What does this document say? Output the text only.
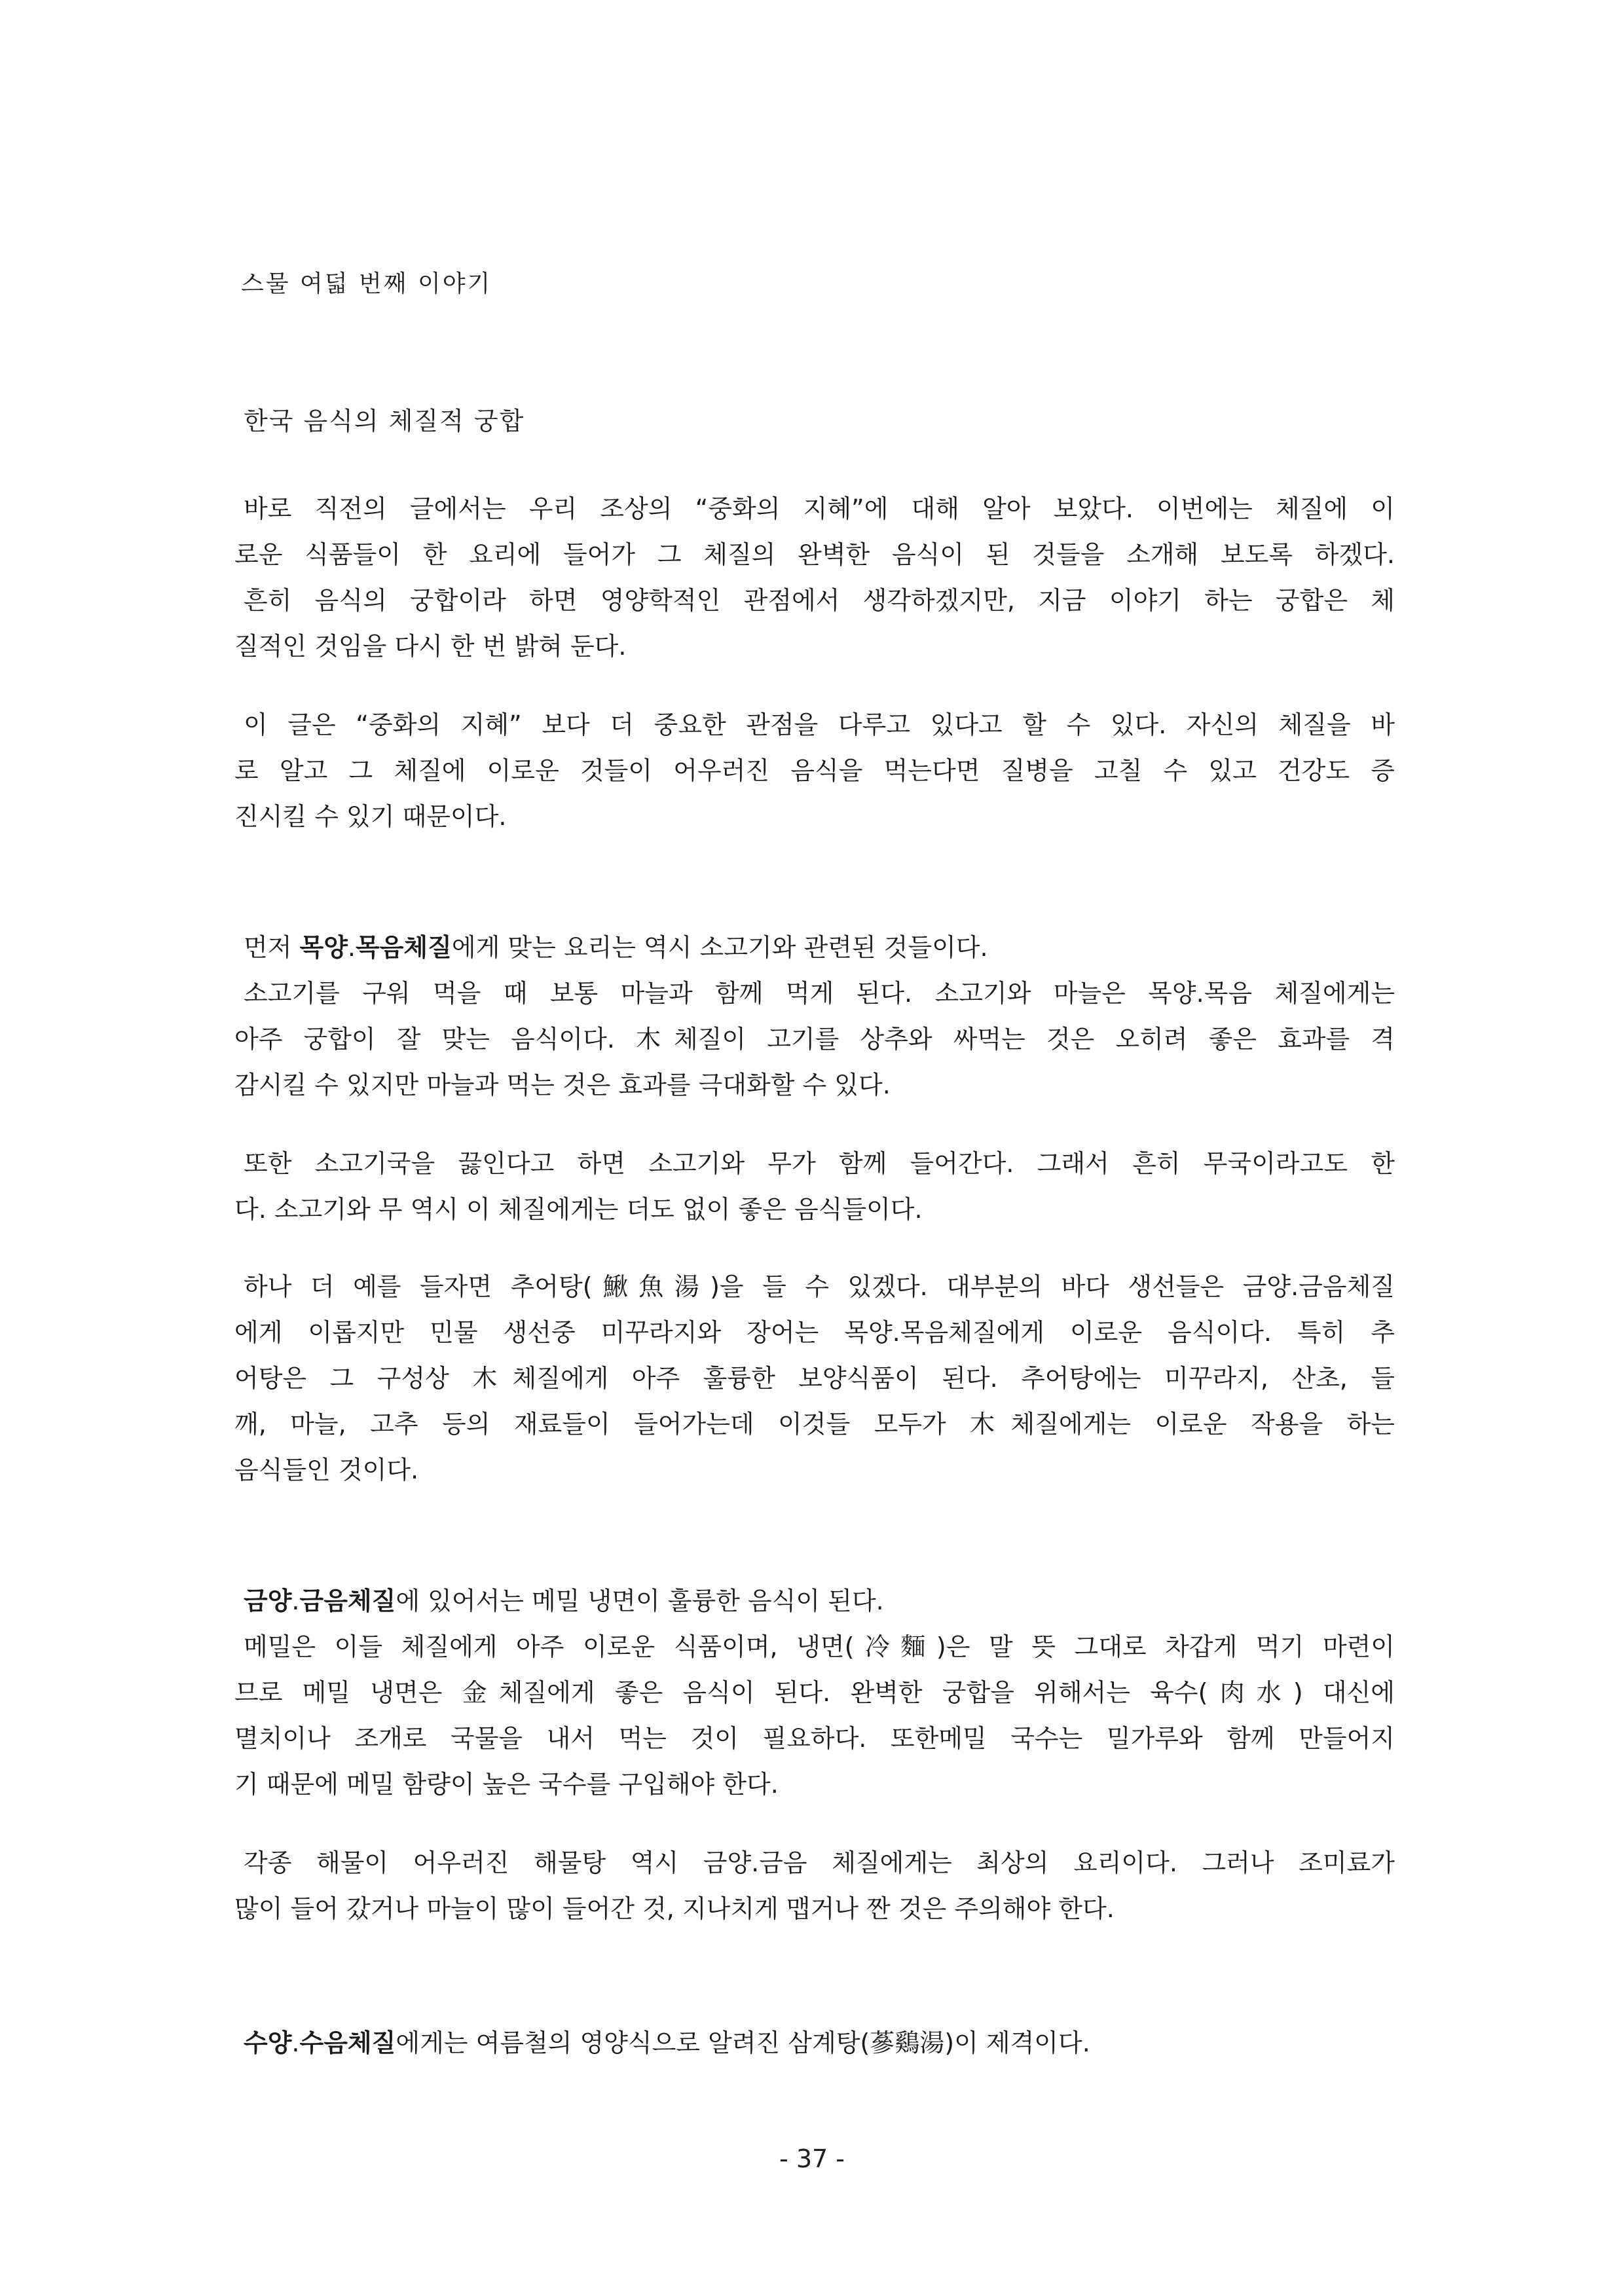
스물 여덟 번째 이야기
한국 음식의 체질적 궁합
바로 직전의 글에서는 우리 조상의 “중화의 지혜”에 대해 알아 보았다. 이번에는 체질에 이
로운 식품들이 한 요리에 들어가 그 체질의 완벽한 음식이 된 것들을 소개해 보도록 하겠다.
흔히 음식의 궁합이라 하면 영양학적인 관점에서 생각하겠지만, 지금 이야기 하는 궁합은 체
질적인 것임을 다시 한 번 밝혀 둔다.
이 글은 “중화의 지혜” 보다 더 중요한 관점을 다루고 있다고 할 수 있다. 자신의 체질을 바
로 알고 그 체질에 이로운 것들이 어우러진 음식을 먹는다면 질병을 고칠 수 있고 건강도 증
진시킬 수 있기 때문이다.
먼저 목양.목음체질에게 맞는 요리는 역시 소고기와 관련된 것들이다.
소고기를 구워 먹을 때 보통 마늘과 함께 먹게 된다. 소고기와 마늘은 목양.목음 체질에게는
아주 궁합이 잘 맞는 음식이다. 木체질이 고기를 상추와 싸먹는 것은 오히려 좋은 효과를 격
감시킬 수 있지만 마늘과 먹는 것은 효과를 극대화할 수 있다.
또한 소고기국을 끓인다고 하면 소고기와 무가 함께 들어간다. 그래서 흔히 무국이라고도 한
다. 소고기와 무 역시 이 체질에게는 더도 없이 좋은 음식들이다.
하나 더 예를 들자면 추어탕(鰍魚湯)을 들 수 있겠다. 대부분의 바다 생선들은 금양.금음체질
에게 이롭지만 민물 생선중 미꾸라지와 장어는 목양.목음체질에게 이로운 음식이다. 특히 추
어탕은 그 구성상 木체질에게 아주 훌륭한 보양식품이 된다. 추어탕에는 미꾸라지, 산초, 들
깨, 마늘, 고추 등의 재료들이 들어가는데 이것들 모두가 木체질에게는 이로운 작용을 하는
음식들인 것이다.
금양.금음체질에 있어서는 메밀 냉면이 훌륭한 음식이 된다.
메밀은 이들 체질에게 아주 이로운 식품이며, 냉면(冷麵)은 말 뜻 그대로 차갑게 먹기 마련이
므로 메밀 냉면은 金체질에게 좋은 음식이 된다. 완벽한 궁합을 위해서는 육수(肉水) 대신에
멸치이나 조개로 국물을 내서 먹는 것이 필요하다. 또한메밀 국수는 밀가루와 함께 만들어지
기 때문에 메밀 함량이 높은 국수를 구입해야 한다.
각종 해물이 어우러진 해물탕 역시 금양.금음 체질에게는 최상의 요리이다. 그러나 조미료가
많이 들어 갔거나 마늘이 많이 들어간 것, 지나치게 맵거나 짠 것은 주의해야 한다.
수양.수음체질에게는 여름철의 영양식으로 알려진 삼계탕(蔘鷄湯)이 제격이다.
- 37 -
